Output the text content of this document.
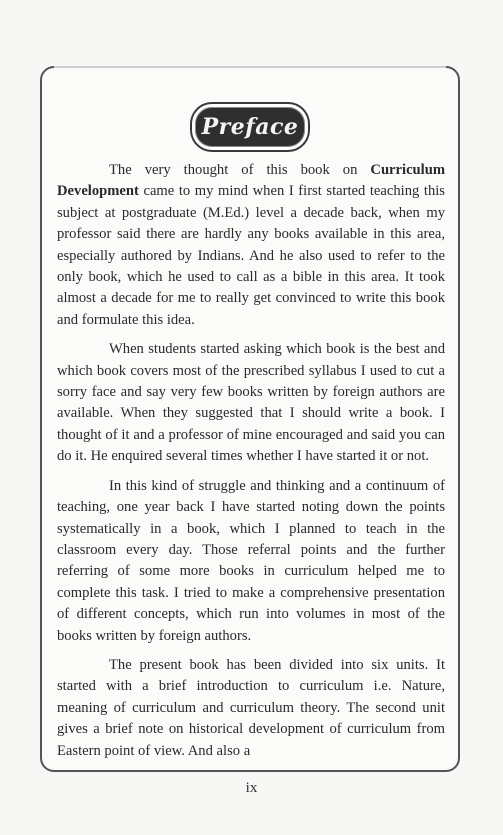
Preface

The very thought of this book on Curriculum Development came to my mind when I first started teaching this subject at postgraduate (M.Ed.) level a decade back, when my professor said there are hardly any books available in this area, especially authored by Indians. And he also used to refer to the only book, which he used to call as a bible in this area. It took almost a decade for me to really get convinced to write this book and formulate this idea.

When students started asking which book is the best and which book covers most of the prescribed syllabus I used to cut a sorry face and say very few books written by foreign authors are available. When they suggested that I should write a book. I thought of it and a professor of mine encouraged and said you can do it. He enquired several times whether I have started it or not.

In this kind of struggle and thinking and a continuum of teaching, one year back I have started noting down the points systematically in a book, which I planned to teach in the classroom every day. Those referral points and the further referring of some more books in curriculum helped me to complete this task. I tried to make a comprehensive presentation of different concepts, which run into volumes in most of the books written by foreign authors.

The present book has been divided into six units. It started with a brief introduction to curriculum i.e. Nature, meaning of curriculum and curriculum theory. The second unit gives a brief note on historical development of curriculum from Eastern point of view. And also a

ix
